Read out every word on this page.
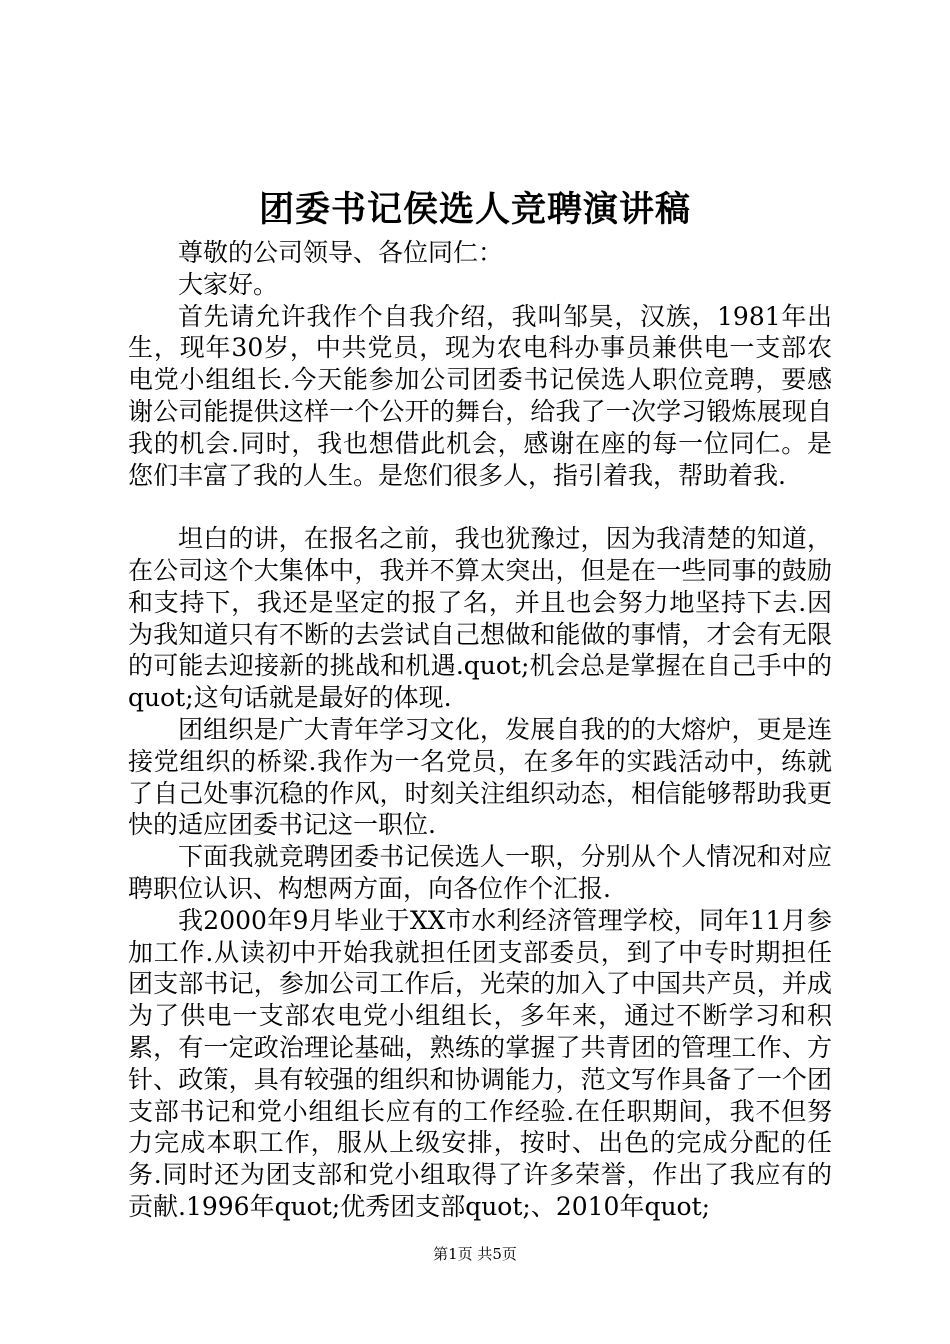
团委书记侯选人竞聘演讲稿

尊敬的公司领导、各位同仁：

大家好。

首先请允许我作个自我介绍，我叫邹昊，汉族，1981年出生，现年30岁，中共党员，现为农电科办事员兼供电一支部农电党小组组长.今天能参加公司团委书记侯选人职位竞聘，要感谢公司能提供这样一个公开的舞台，给我了一次学习锻炼展现自我的机会.同时，我也想借此机会，感谢在座的每一位同仁。是您们丰富了我的人生。是您们很多人，指引着我，帮助着我.

坦白的讲，在报名之前，我也犹豫过，因为我清楚的知道，在公司这个大集体中，我并不算太突出，但是在一些同事的鼓励和支持下，我还是坚定的报了名，并且也会努力地坚持下去.因为我知道只有不断的去尝试自己想做和能做的事情，才会有无限的可能去迎接新的挑战和机遇.quot;机会总是掌握在自己手中的quot;这句话就是最好的体现.

团组织是广大青年学习文化，发展自我的的大熔炉，更是连接党组织的桥梁.我作为一名党员，在多年的实践活动中，练就了自己处事沉稳的作风，时刻关注组织动态，相信能够帮助我更快的适应团委书记这一职位.

下面我就竞聘团委书记侯选人一职，分别从个人情况和对应聘职位认识、构想两方面，向各位作个汇报.

我2000年9月毕业于XX市水利经济管理学校，同年11月参加工作.从读初中开始我就担任团支部委员，到了中专时期担任团支部书记，参加公司工作后，光荣的加入了中国共产员，并成为了供电一支部农电党小组组长，多年来，通过不断学习和积累，有一定政治理论基础，熟练的掌握了共青团的管理工作、方针、政策，具有较强的组织和协调能力，范文写作具备了一个团支部书记和党小组组长应有的工作经验.在任职期间，我不但努力完成本职工作，服从上级安排，按时、出色的完成分配的任务.同时还为团支部和党小组取得了许多荣誉，作出了我应有的贡献.1996年quot;优秀团支部quot;、2010年quot;

第1页 共5页
